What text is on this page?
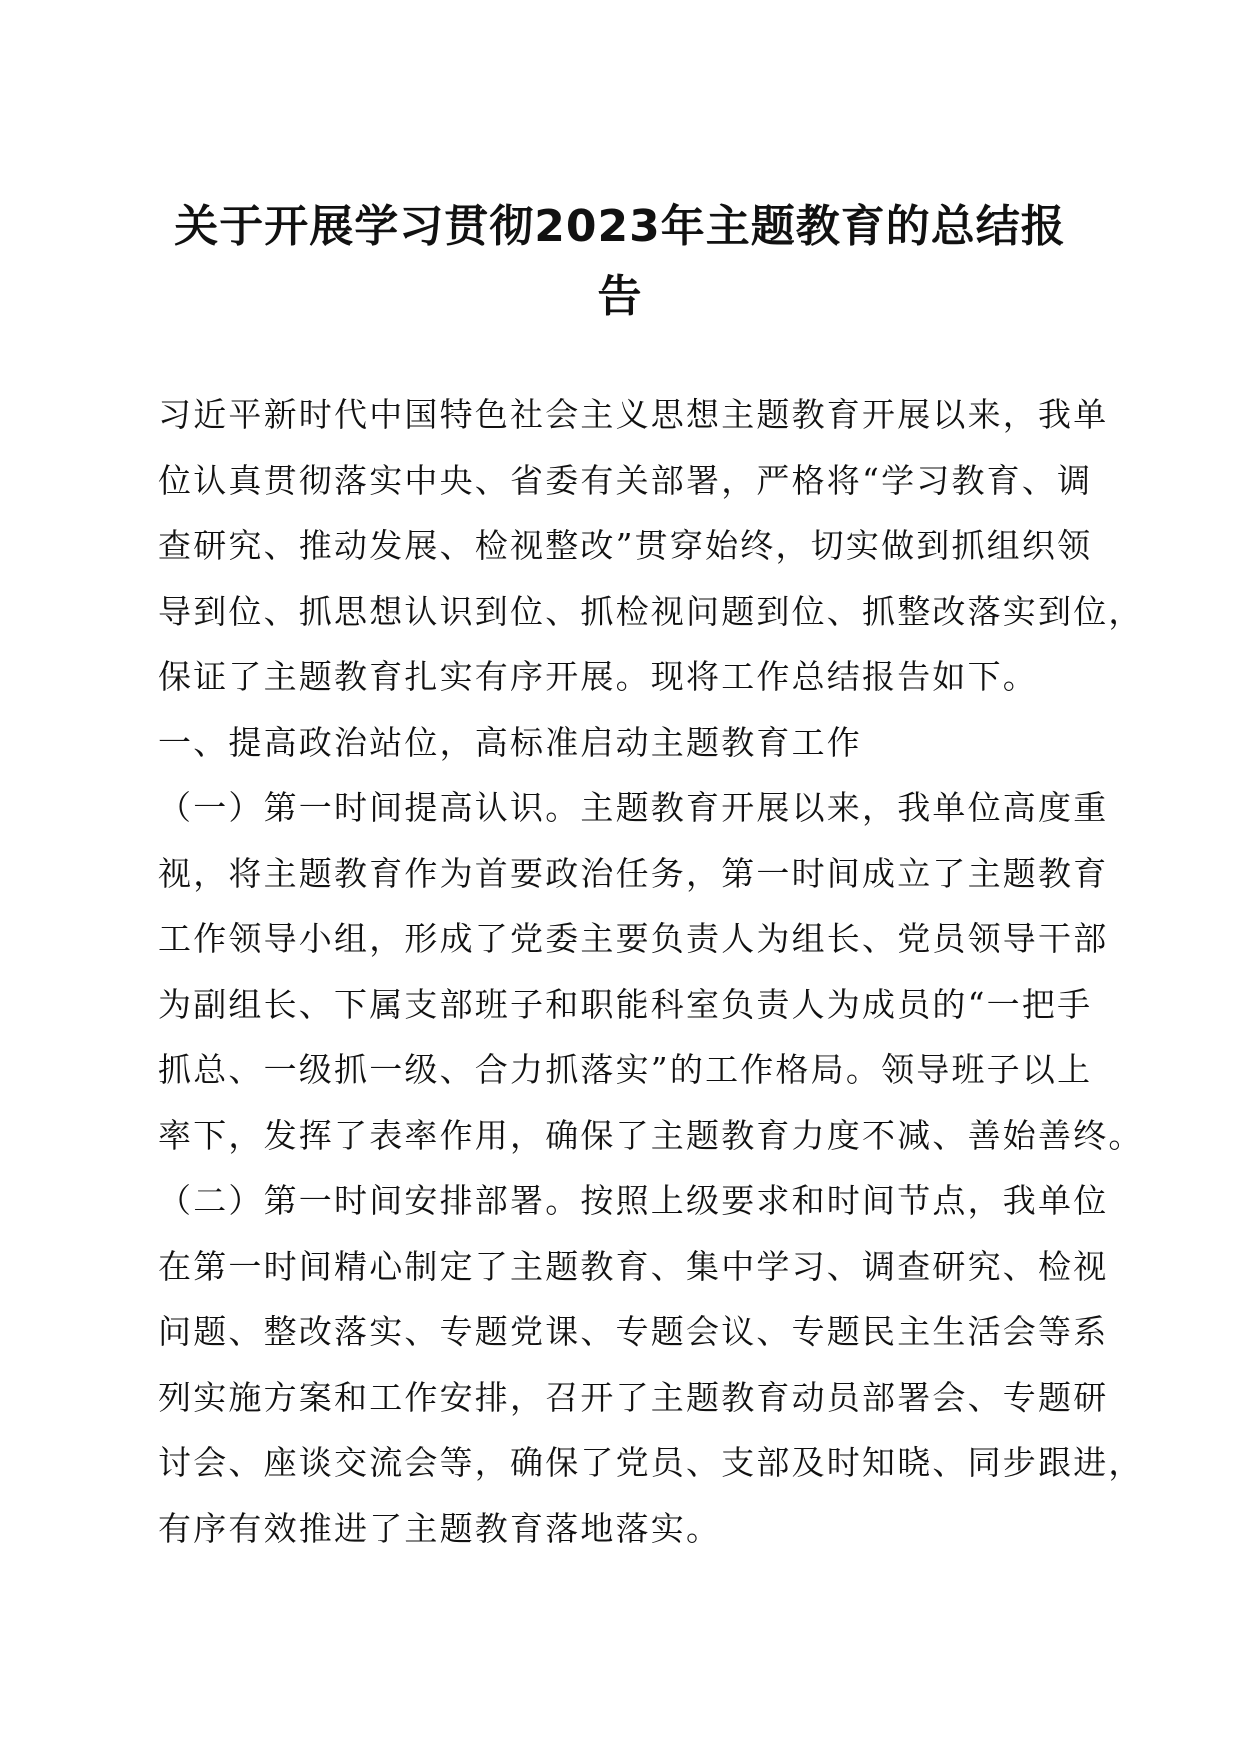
关于开展学习贯彻2023年主题教育的总结报
告
习近平新时代中国特色社会主义思想主题教育开展以来，我单
位认真贯彻落实中央、省委有关部署，严格将“学习教育、调
查研究、推动发展、检视整改”贯穿始终，切实做到抓组织领
导到位、抓思想认识到位、抓检视问题到位、抓整改落实到位，
保证了主题教育扎实有序开展。现将工作总结报告如下。
一、提高政治站位，高标准启动主题教育工作
（一）第一时间提高认识。主题教育开展以来，我单位高度重
视，将主题教育作为首要政治任务，第一时间成立了主题教育
工作领导小组，形成了党委主要负责人为组长、党员领导干部
为副组长、下属支部班子和职能科室负责人为成员的“一把手
抓总、一级抓一级、合力抓落实”的工作格局。领导班子以上
率下，发挥了表率作用，确保了主题教育力度不减、善始善终。
（二）第一时间安排部署。按照上级要求和时间节点，我单位
在第一时间精心制定了主题教育、集中学习、调查研究、检视
问题、整改落实、专题党课、专题会议、专题民主生活会等系
列实施方案和工作安排，召开了主题教育动员部署会、专题研
讨会、座谈交流会等，确保了党员、支部及时知晓、同步跟进，
有序有效推进了主题教育落地落实。
